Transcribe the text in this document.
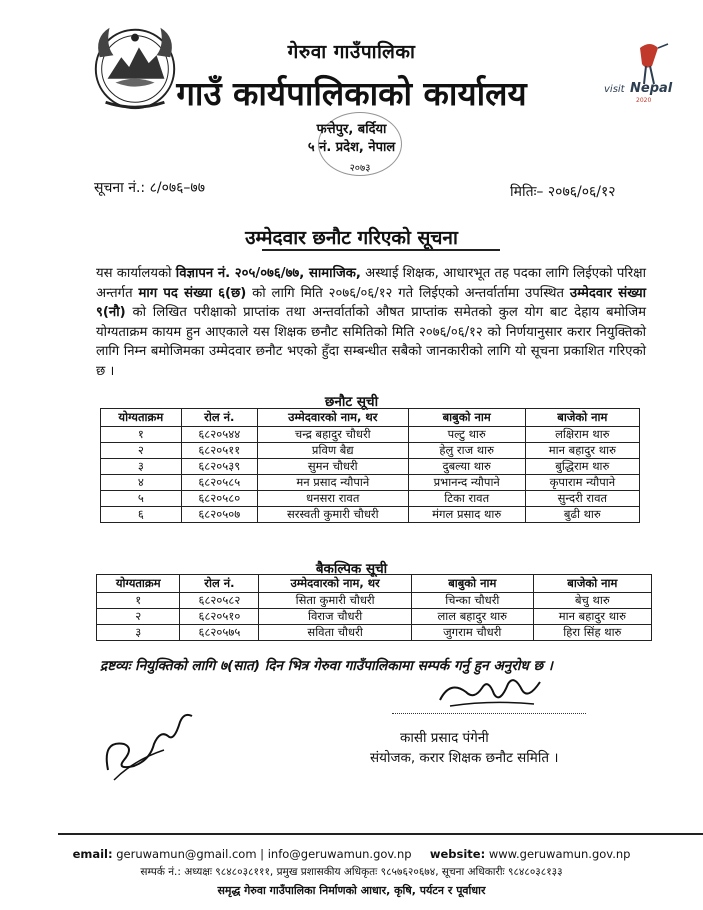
visit Nepal
2020
गेरुवा गाउँपालिका
गाउँ कार्यपालिकाको कार्यालय
फत्तेपुर, बर्दिया
५ नं. प्रदेश, नेपाल
२०७३
सूचना नं.: ८/०७६–७७	मितिः– २०७६/०६/१२
उम्मेदवार छनौट गरिएको सूचना
यस कार्यालयको विज्ञापन नं. २०५/०७६/७७, सामाजिक, अस्थाई शिक्षक, आधारभूत तह पदका लागि लिईएको परिक्षा अन्तर्गत माग पद संख्या ६(छ) को लागि मिति २०७६/०६/१२ गते लिईएको अन्तर्वार्तामा उपस्थित उम्मेदवार संख्या ९(नौ) को लिखित परीक्षाको प्राप्तांक तथा अन्तर्वार्ताको औषत प्राप्तांक समेतको कुल योग बाट देहाय बमोजिम योग्यताक्रम कायम हुन आएकाले यस शिक्षक छनौट समितिको मिति २०७६/०६/१२ को निर्णयानुसार करार नियुक्तिको लागि निम्न बमोजिमका उम्मेदवार छनौट भएको हुँदा सम्बन्धीत सबैको जानकारीको लागि यो सूचना प्रकाशित गरिएको छ ।
छनौट सूची
योग्यताक्रम	रोल नं.	उम्मेदवारको नाम, थर	बाबुको नाम	बाजेको नाम
१	६८२०५४४	चन्द्र बहादुर चौधरी	पल्टु थारु	लक्षिराम थारु
२	६८२०५११	प्रविण बैद्य	हेलु राज थारु	मान बहादुर थारु
३	६८२०५३९	सुमन चौधरी	दुबल्या थारु	बुद्धिराम थारु
४	६८२०५८५	मन प्रसाद न्यौपाने	प्रभानन्द न्यौपाने	कृपाराम न्यौपाने
५	६८२०५८०	धनसरा रावत	टिका रावत	सुन्दरी रावत
६	६८२०५०७	सरस्वती कुमारी चौधरी	मंगल प्रसाद थारु	बुढी थारु
बैकल्पिक सूची
योग्यताक्रम	रोल नं.	उम्मेदवारको नाम, थर	बाबुको नाम	बाजेको नाम
१	६८२०५८२	सिता कुमारी चौधरी	चिन्का चौधरी	बेचु थारु
२	६८२०५१०	विराज चौधरी	लाल बहादुर थारु	मान बहादुर थारु
३	६८२०५७५	सविता चौधरी	जुगराम चौधरी	हिरा सिंह थारु
द्रष्टव्यः नियुक्तिको लागि ७(सात) दिन भित्र गेरुवा गाउँपालिकामा सम्पर्क गर्नु हुन अनुरोध छ ।
कासी प्रसाद पंगेनी
संयोजक, करार शिक्षक छनौट समिति ।
email: geruwamun@gmail.com | info@geruwamun.gov.np website: www.geruwamun.gov.np
सम्पर्क नं.: अध्यक्षः ९८४८०३८१११, प्रमुख प्रशासकीय अधिकृतः ९८५७६२०६७४, सूचना अधिकारीः ९८४८०३८१३३
समृद्ध गेरुवा गाउँपालिका निर्माणको आधार, कृषि, पर्यटन र पूर्वाधार
